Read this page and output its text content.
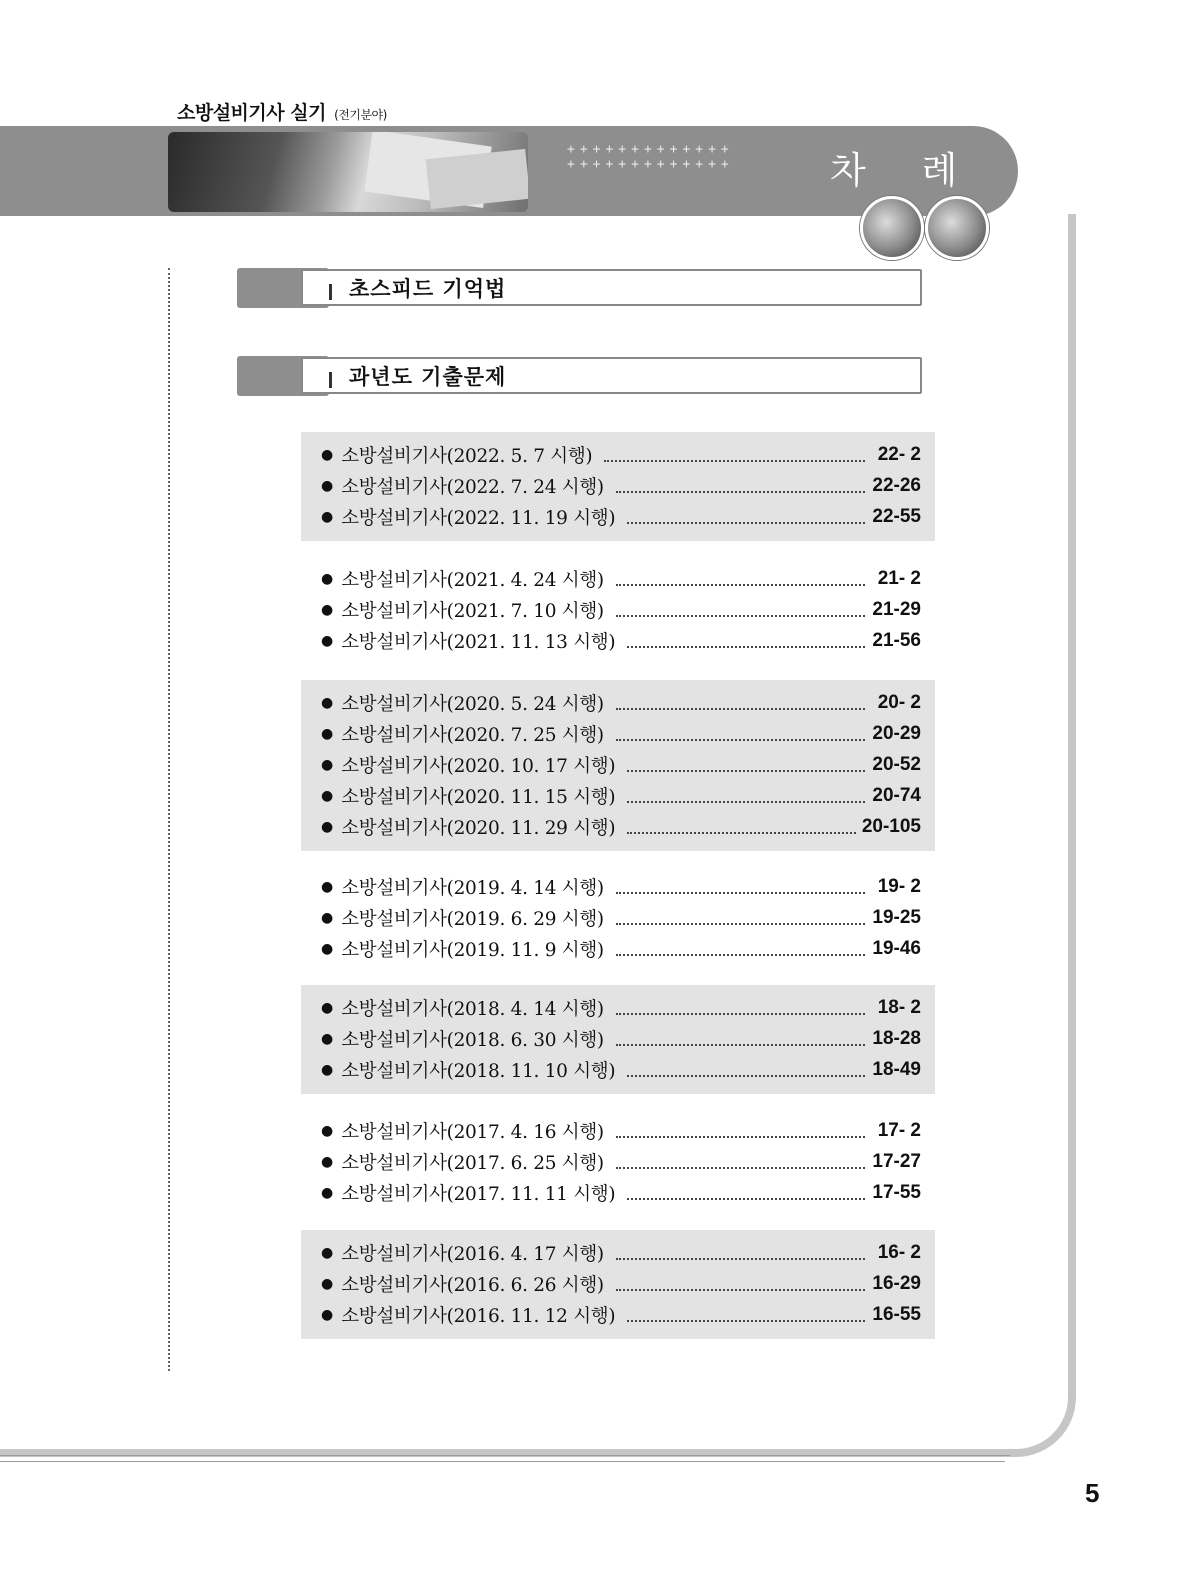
소방설비기사 실기 (전기분야)
+++++++++++++
+++++++++++++	차 례
초스피드 기억법
과년도 기출문제
● 소방설비기사(2022. 5. 7 시행)	22- 2
● 소방설비기사(2022. 7. 24 시행)	22-26
● 소방설비기사(2022. 11. 19 시행)	22-55
● 소방설비기사(2021. 4. 24 시행)	21- 2
● 소방설비기사(2021. 7. 10 시행)	21-29
● 소방설비기사(2021. 11. 13 시행)	21-56
● 소방설비기사(2020. 5. 24 시행)	20- 2
● 소방설비기사(2020. 7. 25 시행)	20-29
● 소방설비기사(2020. 10. 17 시행)	20-52
● 소방설비기사(2020. 11. 15 시행)	20-74
● 소방설비기사(2020. 11. 29 시행)	20-105
● 소방설비기사(2019. 4. 14 시행)	19- 2
● 소방설비기사(2019. 6. 29 시행)	19-25
● 소방설비기사(2019. 11. 9 시행)	19-46
● 소방설비기사(2018. 4. 14 시행)	18- 2
● 소방설비기사(2018. 6. 30 시행)	18-28
● 소방설비기사(2018. 11. 10 시행)	18-49
● 소방설비기사(2017. 4. 16 시행)	17- 2
● 소방설비기사(2017. 6. 25 시행)	17-27
● 소방설비기사(2017. 11. 11 시행)	17-55
● 소방설비기사(2016. 4. 17 시행)	16- 2
● 소방설비기사(2016. 6. 26 시행)	16-29
● 소방설비기사(2016. 11. 12 시행)	16-55
5
